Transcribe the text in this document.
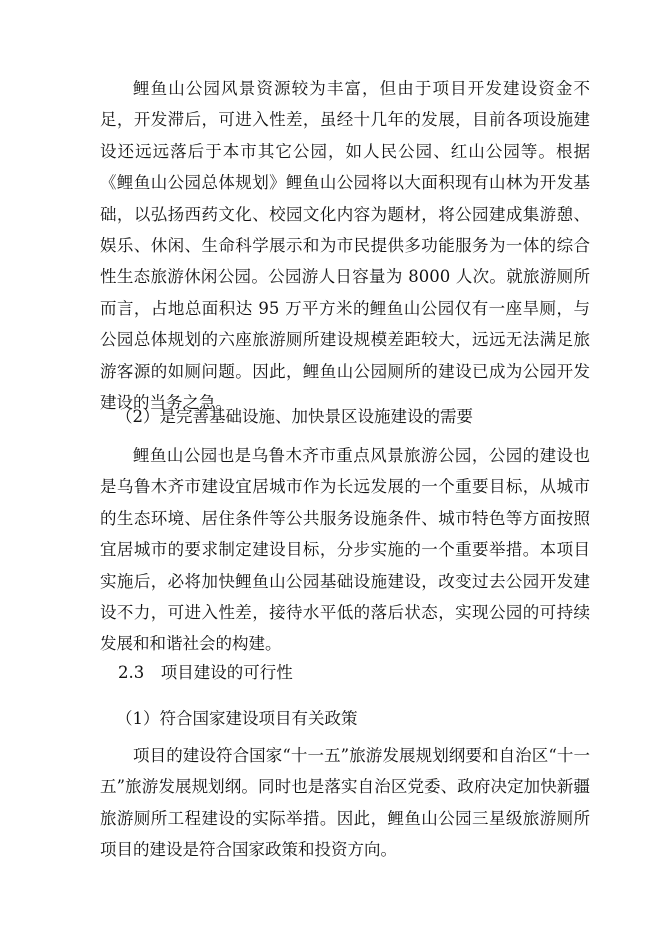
鲤鱼山公园风景资源较为丰富，但由于项目开发建设资金不足，开发滞后，可进入性差，虽经十几年的发展，目前各项设施建设还远远落后于本市其它公园，如人民公园、红山公园等。根据《鲤鱼山公园总体规划》鲤鱼山公园将以大面积现有山林为开发基础，以弘扬西药文化、校园文化内容为题材，将公园建成集游憩、娱乐、休闲、生命科学展示和为市民提供多功能服务为一体的综合性生态旅游休闲公园。公园游人日容量为 8000 人次。就旅游厕所而言，占地总面积达 95 万平方米的鲤鱼山公园仅有一座旱厕，与公园总体规划的六座旅游厕所建设规模差距较大，远远无法满足旅游客源的如厕问题。因此，鲤鱼山公园厕所的建设已成为公园开发建设的当务之急。

（2）是完善基础设施、加快景区设施建设的需要

鲤鱼山公园也是乌鲁木齐市重点风景旅游公园，公园的建设也是乌鲁木齐市建设宜居城市作为长远发展的一个重要目标，从城市的生态环境、居住条件等公共服务设施条件、城市特色等方面按照宜居城市的要求制定建设目标，分步实施的一个重要举措。本项目实施后，必将加快鲤鱼山公园基础设施建设，改变过去公园开发建设不力，可进入性差，接待水平低的落后状态，实现公园的可持续发展和和谐社会的构建。

2.3　项目建设的可行性

（1）符合国家建设项目有关政策

项目的建设符合国家“十一五”旅游发展规划纲要和自治区“十一五”旅游发展规划纲。同时也是落实自治区党委、政府决定加快新疆旅游厕所工程建设的实际举措。因此，鲤鱼山公园三星级旅游厕所项目的建设是符合国家政策和投资方向。
